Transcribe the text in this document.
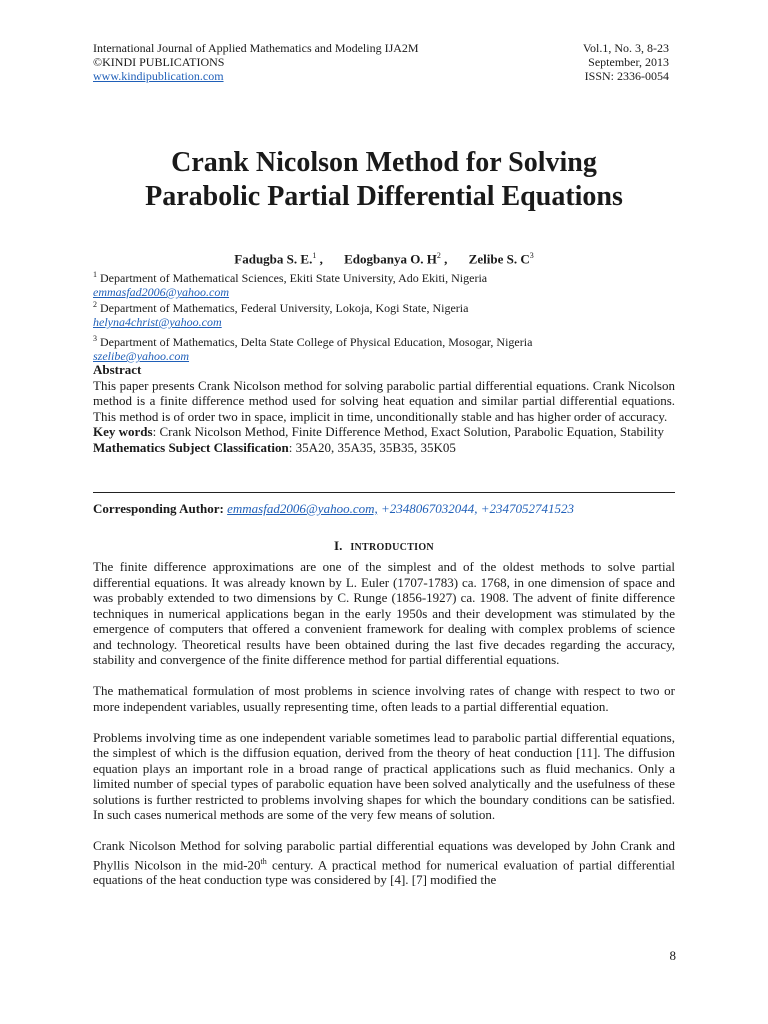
International Journal of Applied Mathematics and Modeling IJA2M
©KINDI PUBLICATIONS
www.kindipublication.com
Vol.1, No. 3, 8-23
September, 2013
ISSN: 2336-0054
Crank Nicolson Method for Solving
Parabolic Partial Differential Equations
Fadugba S. E.$^1$ , Edogbanya O. $H^2$ , Zelibe S. $C^3$
$^1$ Department of Mathematical Sciences, Ekiti State University, Ado Ekiti, Nigeria
emmasfad2006@yahoo.com
$^2$ Department of Mathematics, Federal University, Lokoja, Kogi State, Nigeria
helyna4christ@yahoo.com
$^3$ Department of Mathematics, Delta State College of Physical Education, Mosogar, Nigeria
szelibe@yahoo.com

Abstract

This paper presents Crank Nicolson method for solving parabolic partial differential equations. Crank Nicolson method is a finite difference method used for solving heat equation and similar partial differential equations. This method is of order two in space, implicit in time, unconditionally stable and has higher order of accuracy.

Key words: Crank Nicolson Method, Finite Difference Method, Exact Solution, Parabolic Equation, Stability

Mathematics Subject Classification: 35A20, 35A35, 35B35, 35K05

Corresponding Author: emmasfad2006@yahoo.com, +2348067032044, +2347052741523
I. INTRODUCTION

The finite difference approximations are one of the simplest and of the oldest methods to solve partial differential equations. It was already known by L. Euler (1707-1783) ca. 1768, in one dimension of space and was probably extended to two dimensions by C. Runge (1856-1927) ca. 1908. The advent of finite difference techniques in numerical applications began in the early 1950s and their development was stimulated by the emergence of computers that offered a convenient framework for dealing with complex problems of science and technology. Theoretical results have been obtained during the last five decades regarding the accuracy, stability and convergence of the finite difference method for partial differential equations.

The mathematical formulation of most problems in science involving rates of change with respect to two or more independent variables, usually representing time, often leads to a partial differential equation.

Problems involving time as one independent variable sometimes lead to parabolic partial differential equations, the simplest of which is the diffusion equation, derived from the theory of heat conduction [11]. The diffusion equation plays an important role in a broad range of practical applications such as fluid mechanics. Only a limited number of special types of parabolic equation have been solved analytically and the usefulness of these solutions is further restricted to problems involving shapes for which the boundary conditions can be satisfied. In such cases numerical methods are some of the very few means of solution.

Crank Nicolson Method for solving parabolic partial differential equations was developed by John Crank and Phyllis Nicolson in the mid-20th century. A practical method for numerical evaluation of partial differential equations of the heat conduction type was considered by [4]. [7] modified the

8
